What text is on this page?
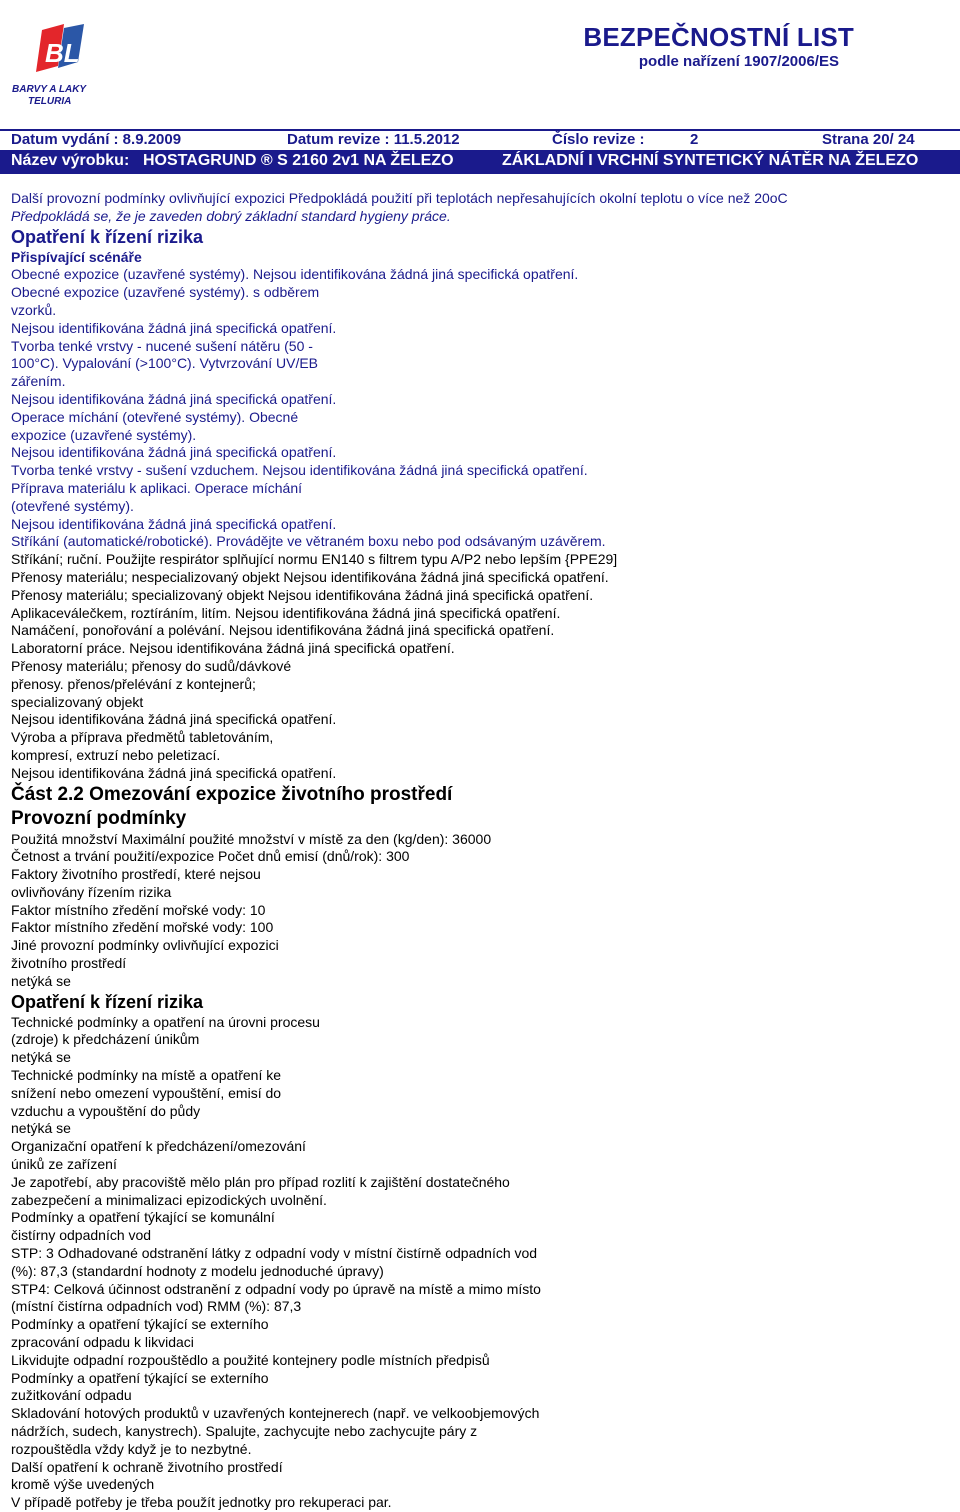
BL
BARVY A LAKY
TELURIA
BEZPEČNOSTNÍ LIST
podle nařízení 1907/2006/ES
Datum vydání : 8.9.2009	Datum revize : 11.5.2012	Číslo revize :	2	Strana 20/ 24
Název výrobku: HOSTAGRUND ® S 2160 2v1 NA ŽELEZO	ZÁKLADNÍ I VRCHNÍ SYNTETICKÝ NÁTĚR NA ŽELEZO
Další provozní podmínky ovlivňující expozici Předpokládá použití při teplotách nepřesahujících okolní teplotu o více než 20oC
Předpokládá se, že je zaveden dobrý základní standard hygieny práce.
Opatření k řízení rizika
Přispívající scénáře
Obecné expozice (uzavřené systémy). Nejsou identifikována žádná jiná specifická opatření.
Obecné expozice (uzavřené systémy). s odběrem
vzorků.
Nejsou identifikována žádná jiná specifická opatření.
Tvorba tenké vrstvy - nucené sušení nátěru (50 -
100°C). Vypalování (>100°C). Vytvrzování UV/EB
zářením.
Nejsou identifikována žádná jiná specifická opatření.
Operace míchání (otevřené systémy). Obecné
expozice (uzavřené systémy).
Nejsou identifikována žádná jiná specifická opatření.
Tvorba tenké vrstvy - sušení vzduchem. Nejsou identifikována žádná jiná specifická opatření.
Příprava materiálu k aplikaci. Operace míchání
(otevřené systémy).
Nejsou identifikována žádná jiná specifická opatření.
Stříkání (automatické/robotické). Provádějte ve větraném boxu nebo pod odsávaným uzávěrem.
Stříkání; ruční. Použijte respirátor splňující normu EN140 s filtrem typu A/P2 nebo lepším {PPE29]
Přenosy materiálu; nespecializovaný objekt Nejsou identifikována žádná jiná specifická opatření.
Přenosy materiálu; specializovaný objekt Nejsou identifikována žádná jiná specifická opatření.
Aplikaceválečkem, roztíráním, litím. Nejsou identifikována žádná jiná specifická opatření.
Namáčení, ponořování a polévání. Nejsou identifikována žádná jiná specifická opatření.
Laboratorní práce. Nejsou identifikována žádná jiná specifická opatření.
Přenosy materiálu; přenosy do sudů/dávkové
přenosy. přenos/přelévání z kontejnerů;
specializovaný objekt
Nejsou identifikována žádná jiná specifická opatření.
Výroba a příprava předmětů tabletováním,
kompresí, extruzí nebo peletizací.
Nejsou identifikována žádná jiná specifická opatření.
Část 2.2 Omezování expozice životního prostředí
Provozní podmínky
Použitá množství Maximální použité množství v místě za den (kg/den): 36000
Četnost a trvání použití/expozice Počet dnů emisí (dnů/rok): 300
Faktory životního prostředí, které nejsou
ovlivňovány řízením rizika
Faktor místního zředění mořské vody: 10
Faktor místního zředění mořské vody: 100
Jiné provozní podmínky ovlivňující expozici
životního prostředí
netýká se
Opatření k řízení rizika
Technické podmínky a opatření na úrovni procesu
(zdroje) k předcházení únikům
netýká se
Technické podmínky na místě a opatření ke
snížení nebo omezení vypouštění, emisí do
vzduchu a vypouštění do půdy
netýká se
Organizační opatření k předcházení/omezování
úniků ze zařízení
Je zapotřebí, aby pracoviště mělo plán pro případ rozlití k zajištění dostatečného
zabezpečení a minimalizaci epizodických uvolnění.
Podmínky a opatření týkající se komunální
čistírny odpadních vod
STP: 3 Odhadované odstranění látky z odpadní vody v místní čistírně odpadních vod
(%): 87,3 (standardní hodnoty z modelu jednoduché úpravy)
STP4: Celková účinnost odstranění z odpadní vody po úpravě na místě a mimo místo
(místní čistírna odpadních vod) RMM (%): 87,3
Podmínky a opatření týkající se externího
zpracování odpadu k likvidaci
Likvidujte odpadní rozpouštědlo a použité kontejnery podle místních předpisů
Podmínky a opatření týkající se externího
zužitkování odpadu
Skladování hotových produktů v uzavřených kontejnerech (např. ve velkoobjemových
nádržích, sudech, kanystrech). Spalujte, zachycujte nebo zachycujte páry z
rozpouštědla vždy když je to nezbytné.
Další opatření k ochraně životního prostředí
kromě výše uvedených
V případě potřeby je třeba použít jednotky pro rekuperaci par.
